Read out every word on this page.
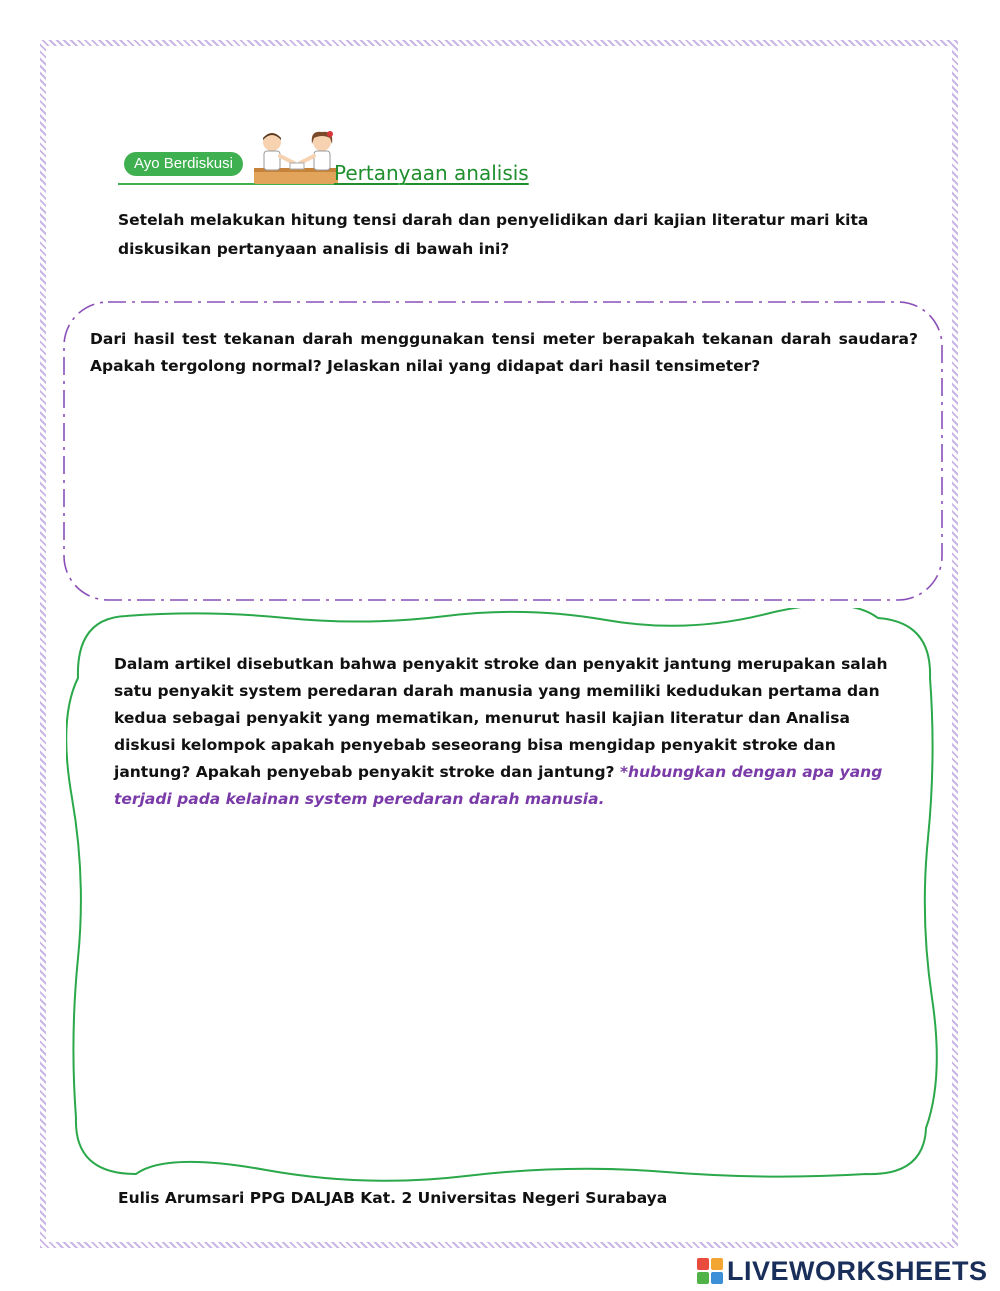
Ayo Berdiskusi	Pertanyaan analisis

Setelah melakukan hitung tensi darah dan penyelidikan dari kajian literatur mari kita diskusikan pertanyaan analisis di bawah ini?

Dari hasil test tekanan darah menggunakan tensi meter berapakah tekanan darah saudara? Apakah tergolong normal? Jelaskan nilai yang didapat dari hasil tensimeter?

Dalam artikel disebutkan bahwa penyakit stroke dan penyakit jantung merupakan salah satu penyakit system peredaran darah manusia yang memiliki kedudukan pertama dan kedua sebagai penyakit yang mematikan, menurut hasil kajian literatur dan Analisa diskusi kelompok apakah penyebab seseorang bisa mengidap penyakit stroke dan jantung? Apakah penyebab penyakit stroke dan jantung? *hubungkan dengan apa yang terjadi pada kelainan system peredaran darah manusia.

Eulis Arumsari PPG DALJAB Kat. 2 Universitas Negeri Surabaya

LIVEWORKSHEETS
